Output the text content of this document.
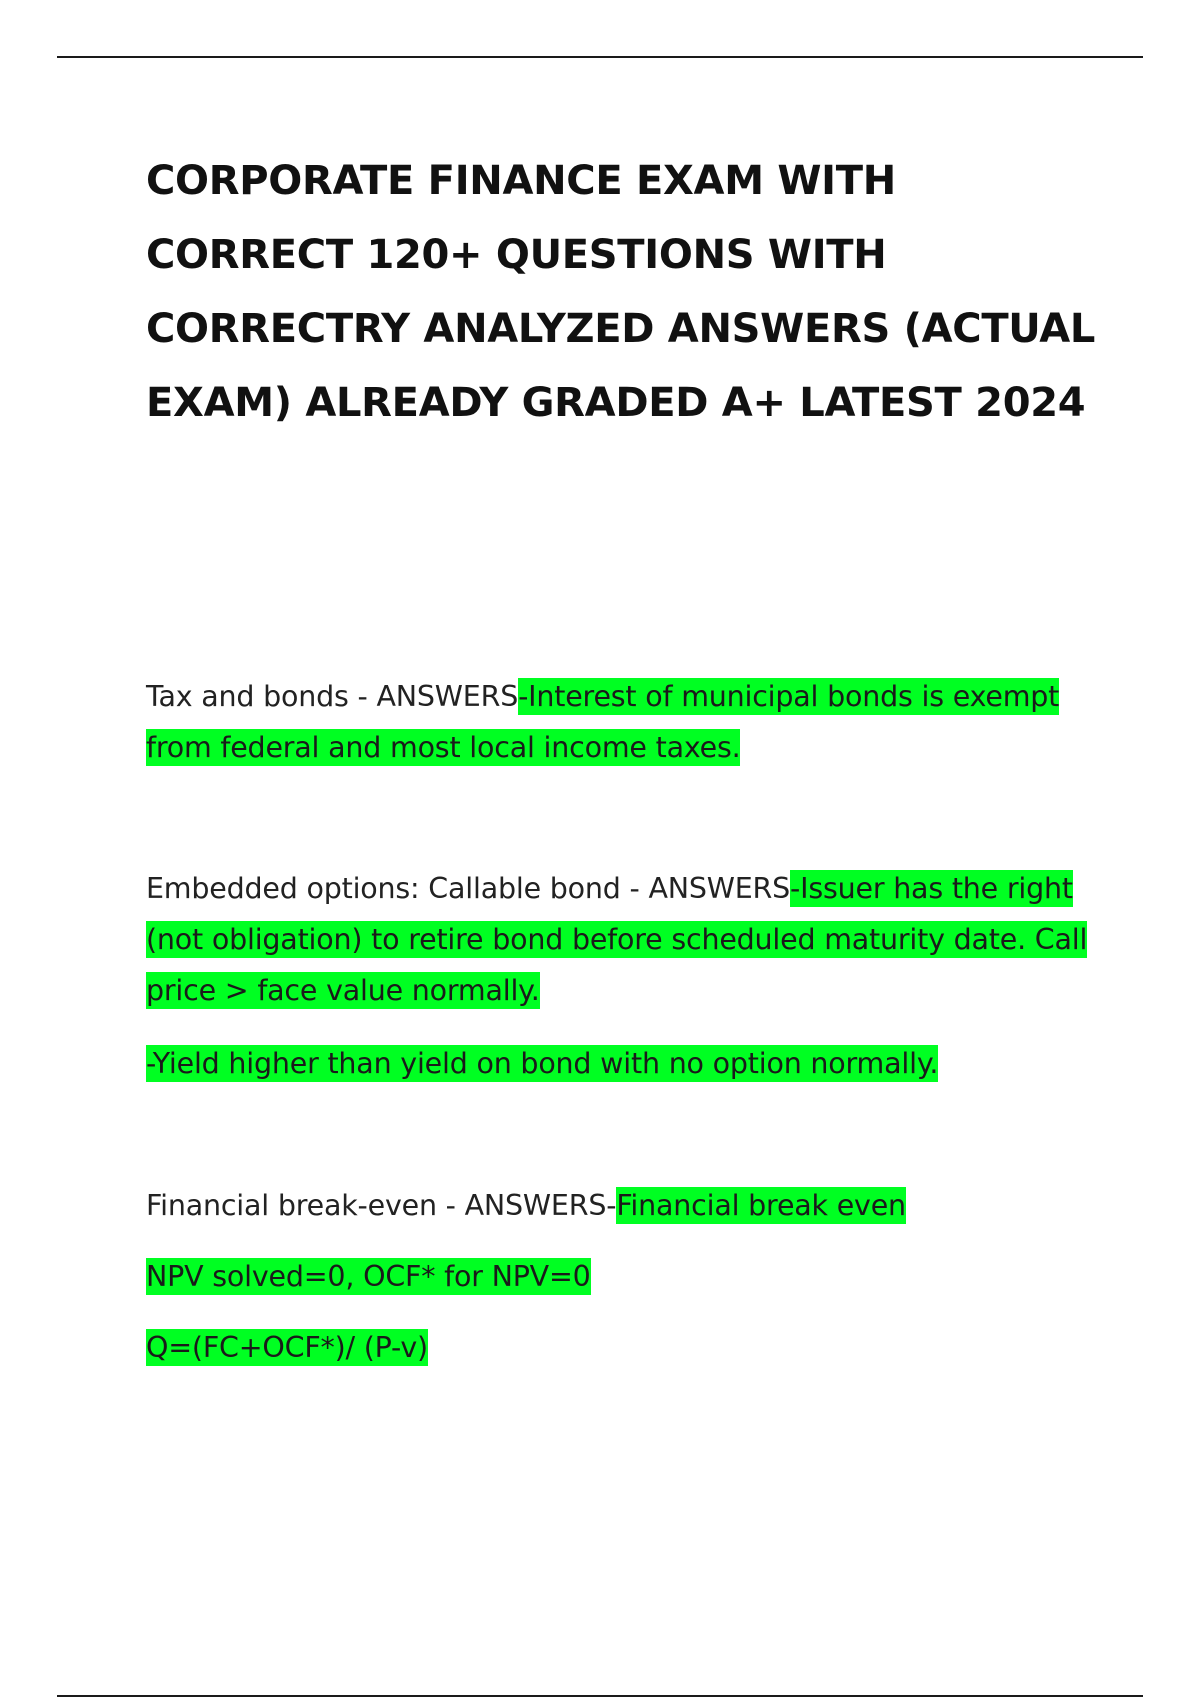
CORPORATE FINANCE EXAM WITH CORRECT 120+ QUESTIONS WITH CORRECTRY ANALYZED ANSWERS (ACTUAL EXAM) ALREADY GRADED A+ LATEST 2024

Tax and bonds - ANSWERS-Interest of municipal bonds is exempt from federal and most local income taxes.

Embedded options: Callable bond - ANSWERS-Issuer has the right (not obligation) to retire bond before scheduled maturity date. Call price > face value normally.

-Yield higher than yield on bond with no option normally.

Financial break-even - ANSWERS-Financial break even

NPV solved=0, OCF* for NPV=0
Q=(FC+OCF*)/ (P-v)
